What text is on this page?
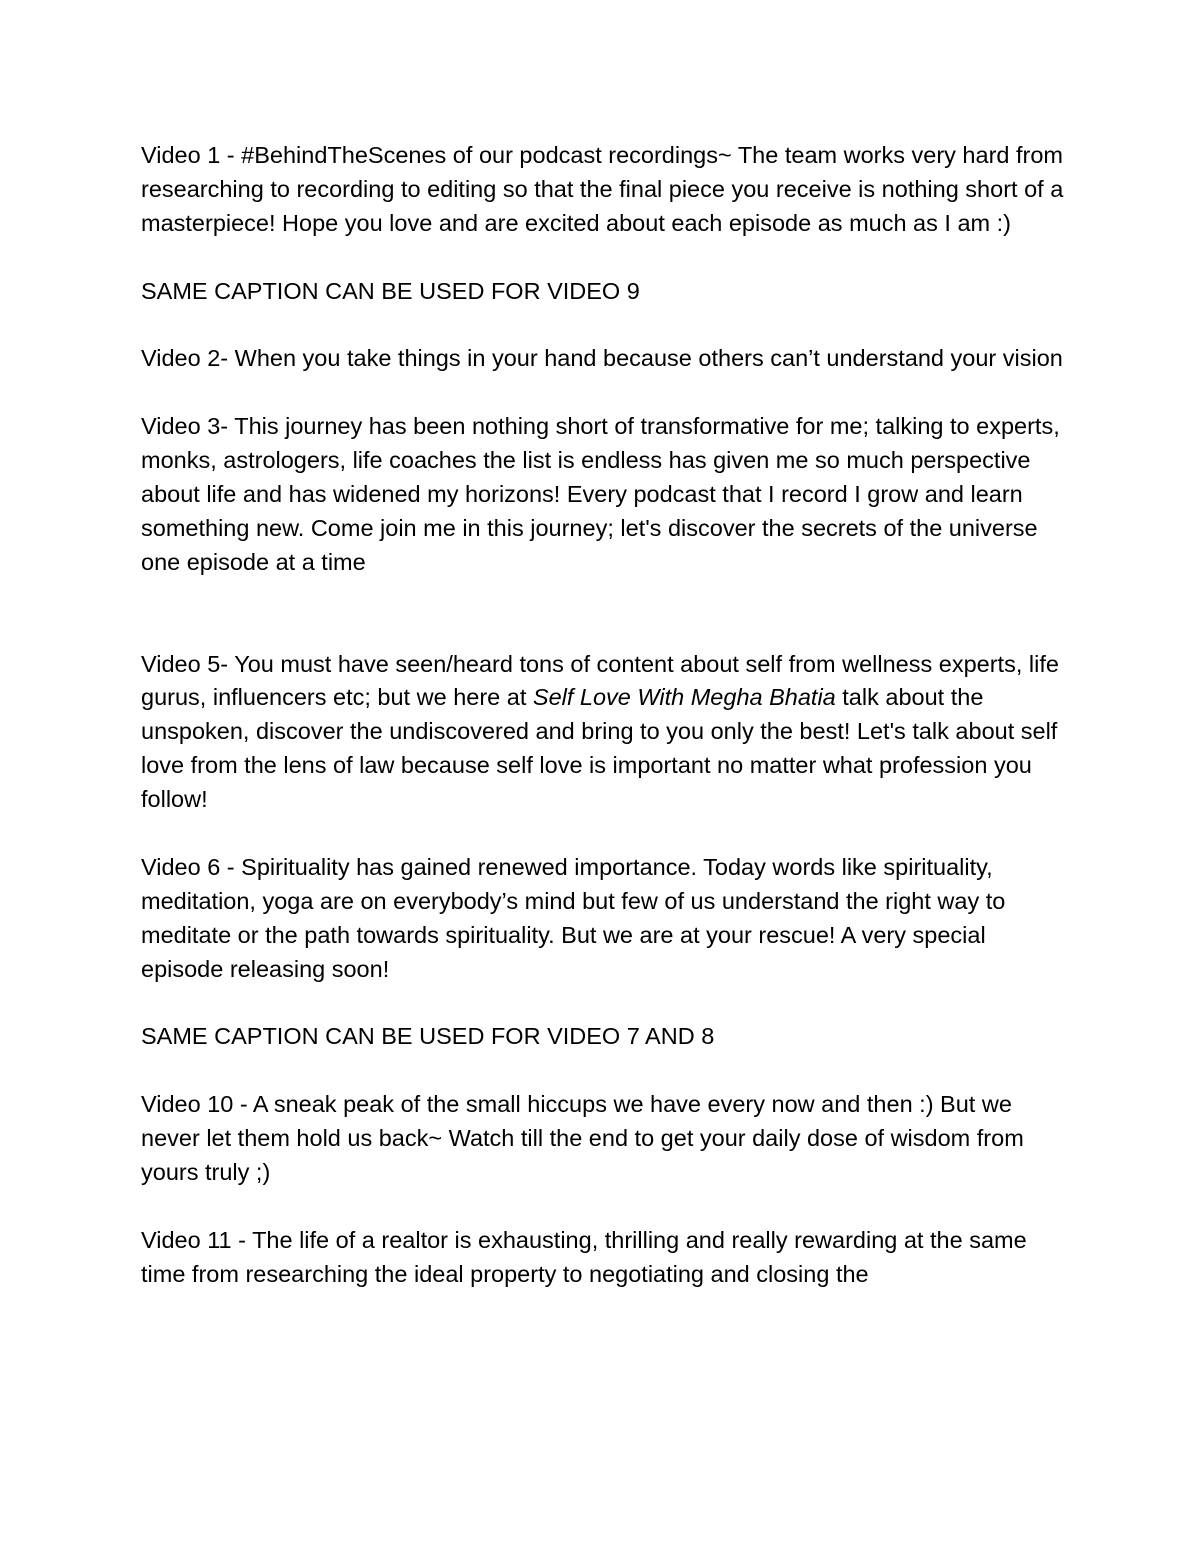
Video 1 - #BehindTheScenes of our podcast recordings~ The team works very hard from researching to recording to editing so that the final piece you receive is nothing short of a masterpiece! Hope you love and are excited about each episode as much as I am :)

SAME CAPTION CAN BE USED FOR VIDEO 9

Video 2- When you take things in your hand because others can’t understand your vision

Video 3- This journey has been nothing short of transformative for me; talking to experts, monks, astrologers, life coaches the list is endless has given me so much perspective about life and has widened my horizons! Every podcast that I record I grow and learn something new. Come join me in this journey; let's discover the secrets of the universe one episode at a time

Video 5- You must have seen/heard tons of content about self from wellness experts, life gurus, influencers etc; but we here at Self Love With Megha Bhatia talk about the unspoken, discover the undiscovered and bring to you only the best! Let's talk about self love from the lens of law because self love is important no matter what profession you follow!

Video 6 - Spirituality has gained renewed importance. Today words like spirituality, meditation, yoga are on everybody’s mind but few of us understand the right way to meditate or the path towards spirituality. But we are at your rescue! A very special episode releasing soon!

SAME CAPTION CAN BE USED FOR VIDEO 7 AND 8

Video 10 - A sneak peak of the small hiccups we have every now and then :) But we never let them hold us back~ Watch till the end to get your daily dose of wisdom from yours truly ;)

Video 11 - The life of a realtor is exhausting, thrilling and really rewarding at the same time from researching the ideal property to negotiating and closing the
